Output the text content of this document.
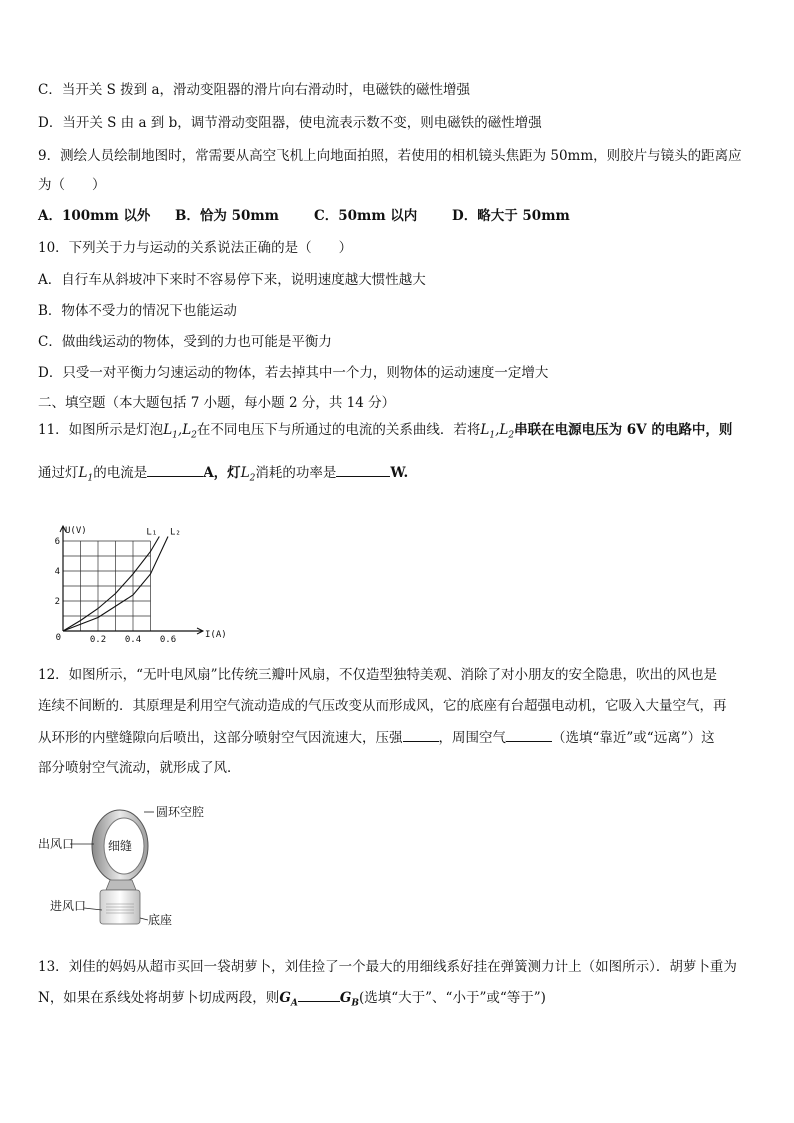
C．当开关 S 拨到 a，滑动变阻器的滑片向右滑动时，电磁铁的磁性增强
D．当开关 S 由 a 到 b，调节滑动变阻器，使电流表示数不变，则电磁铁的磁性增强
9．测绘人员绘制地图时，常需要从高空飞机上向地面拍照，若使用的相机镜头焦距为 50mm，则胶片与镜头的距离应
为（　　）
A．100mm 以外 B．恰为 50mm	C．50mm 以内	D．略大于 50mm
10．下列关于力与运动的关系说法正确的是（　　）
A．自行车从斜坡冲下来时不容易停下来，说明速度越大惯性越大
B．物体不受力的情况下也能运动
C．做曲线运动的物体，受到的力也可能是平衡力
D．只受一对平衡力匀速运动的物体，若去掉其中一个力，则物体的运动速度一定增大
二、填空题（本大题包括 7 小题，每小题 2 分，共 14 分）
11．如图所示是灯泡$L_1,L_2$在不同电压下与所通过的电流的关系曲线．若将$L_1,L_2$串联在电源电压为 6V 的电路中，则
通过灯$L_1$的电流是	A，灯$L_2$消耗的功率是	W.
U(V)
I(A)
0	0.2 0.4 0.6
2
4
6
L₁ L₂
12．如图所示，“无叶电风扇”比传统三瓣叶风扇，不仅造型独特美观、消除了对小朋友的安全隐患，吹出的风也是
连续不间断的．其原理是利用空气流动造成的气压改变从而形成风，它的底座有台超强电动机，它吸入大量空气，再
从环形的内壁缝隙向后喷出，这部分喷射空气因流速大，压强	，周围空气	（选填“靠近”或“远离”）这
部分喷射空气流动，就形成了风．
圆环空腔
出风口	细缝
进风口
底座
13．刘佳的妈妈从超市买回一袋胡萝卜，刘佳捡了一个最大的用细线系好挂在弹簧测力计上（如图所示）．胡萝卜重为
N，如果在系线处将胡萝卜切成两段，则$G_A$	$G_B$(选填“大于”、“小于”或“等于”)
